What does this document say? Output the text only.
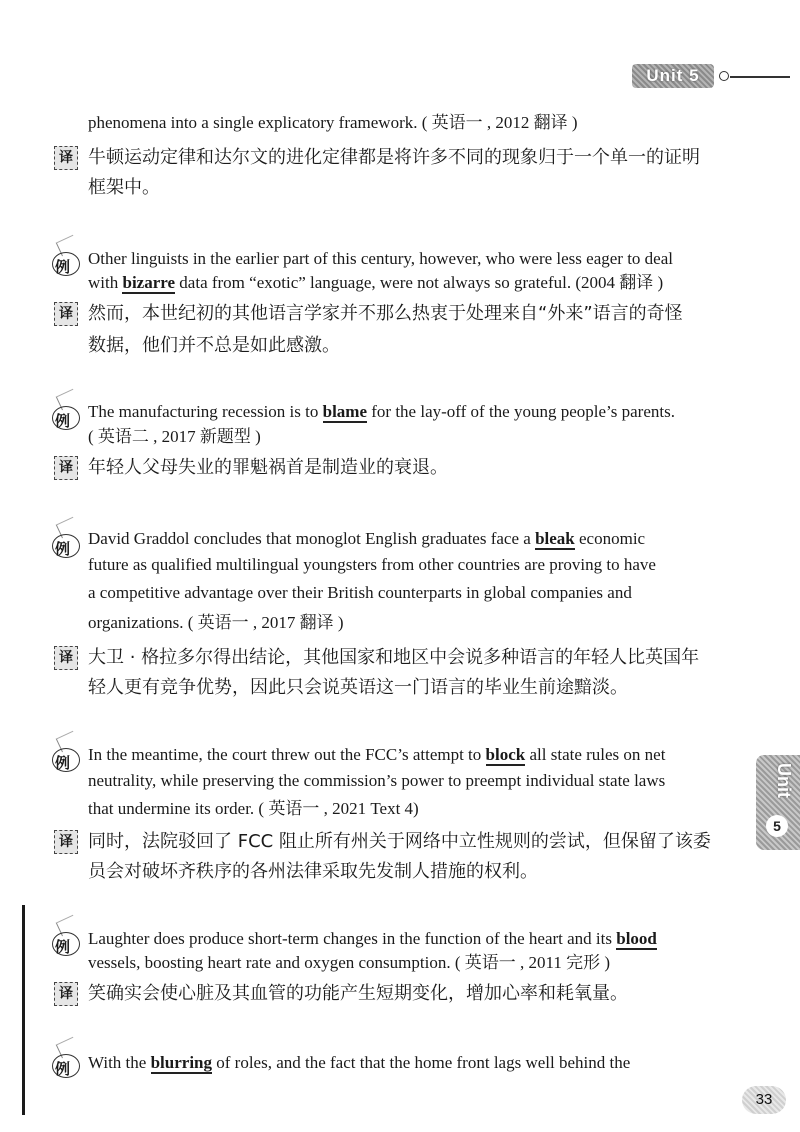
Unit 5
Unit
5
phenomena into a single explicatory framework. ( 英语一 , 2012 翻译 )
译 牛顿运动定律和达尔文的进化定律都是将许多不同的现象归于一个单一的证明
框架中。
例 Other linguists in the earlier part of this century, however, who were less eager to deal
with bizarre data from “exotic” language, were not always so grateful. (2004 翻译 )
译 然而，本世纪初的其他语言学家并不那么热衷于处理来自“外来”语言的奇怪
数据，他们并不总是如此感激。
例 The manufacturing recession is to blame for the lay-off of the young people’s parents.
( 英语二 , 2017 新题型 )
译 年轻人父母失业的罪魁祸首是制造业的衰退。
例
David Graddol concludes that monoglot English graduates face a bleak economic
future as qualified multilingual youngsters from other countries are proving to have
a competitive advantage over their British counterparts in global companies and
organizations. ( 英语一 , 2017 翻译 )
译 大卫 · 格拉多尔得出结论，其他国家和地区中会说多种语言的年轻人比英国年
轻人更有竞争优势，因此只会说英语这一门语言的毕业生前途黯淡。
例 In the meantime, the court threw out the FCC’s attempt to block all state rules on net
neutrality, while preserving the commission’s power to preempt individual state laws
that undermine its order. ( 英语一 , 2021 Text 4)
译 同时，法院驳回了 FCC 阻止所有州关于网络中立性规则的尝试，但保留了该委
员会对破坏齐秩序的各州法律采取先发制人措施的权利。
例 Laughter does produce short-term changes in the function of the heart and its blood
vessels, boosting heart rate and oxygen consumption. ( 英语一 , 2011 完形 )
译 笑确实会使心脏及其血管的功能产生短期变化，增加心率和耗氧量。
例 With the blurring of roles, and the fact that the home front lags well behind the
33
